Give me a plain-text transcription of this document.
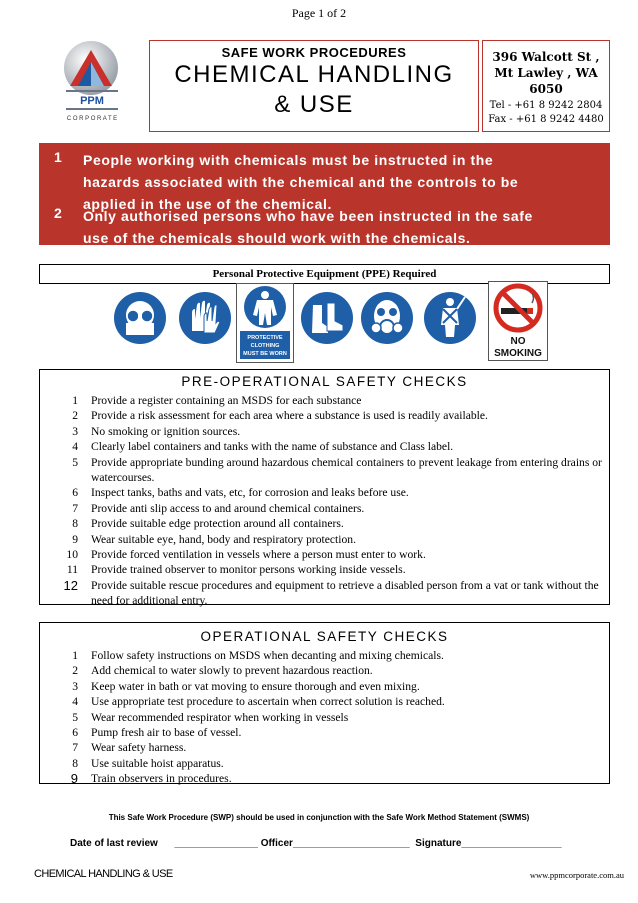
Page 1 of 2
PPM
C O R P O R A T E
SAFE WORK PROCEDURES
CHEMICAL HANDLING
& USE
396 Walcott St ,
Mt Lawley , WA
6050
Tel - +61 8 9242 2804
Fax - +61 8 9242 4480
1 People working with chemicals must be instructed in the
hazards associated with the chemical and the controls to be
applied in the use of the chemical.
2 Only authorised persons who have been instructed in the safe
use of the chemicals should work with the chemicals.
Personal Protective Equipment (PPE) Required
PROTECTIVE
CLOTHING
MUST BE WORN
NO
SMOKING
PRE-OPERATIONAL SAFETY CHECKS
1 Provide a register containing an MSDS for each substance
2 Provide a risk assessment for each area where a substance is used is readily available.
3 No smoking or ignition sources.
4 Clearly label containers and tanks with the name of substance and Class label.
5 Provide appropriate bunding around hazardous chemical containers to prevent leakage from entering drains or watercourses.
6 Inspect tanks, baths and vats, etc, for corrosion and leaks before use.
7 Provide anti slip access to and around chemical containers.
8 Provide suitable edge protection around all containers.
9 Wear suitable eye, hand, body and respiratory protection.
10 Provide forced ventilation in vessels where a person must enter to work.
11 Provide trained observer to monitor persons working inside vessels.
12 Provide suitable rescue procedures and equipment to retrieve a disabled person from a vat or tank without the need for additional entry.
OPERATIONAL SAFETY CHECKS
1 Follow safety instructions on MSDS when decanting and mixing chemicals.
2 Add chemical to water slowly to prevent hazardous reaction.
3 Keep water in bath or vat moving to ensure thorough and even mixing.
4 Use appropriate test procedure to ascertain when correct solution is reached.
5 Wear recommended respirator when working in vessels
6 Pump fresh air to base of vessel.
7 Wear safety harness.
8 Use suitable hoist apparatus.
9 Train observers in procedures.
This Safe Work Procedure (SWP) should be used in conjunction with the Safe Work Method Statement (SWMS)
Date of last review _______________ Officer_____________________ Signature__________________
CHEMICAL HANDLING & USE	www.ppmcorporate.com.au
